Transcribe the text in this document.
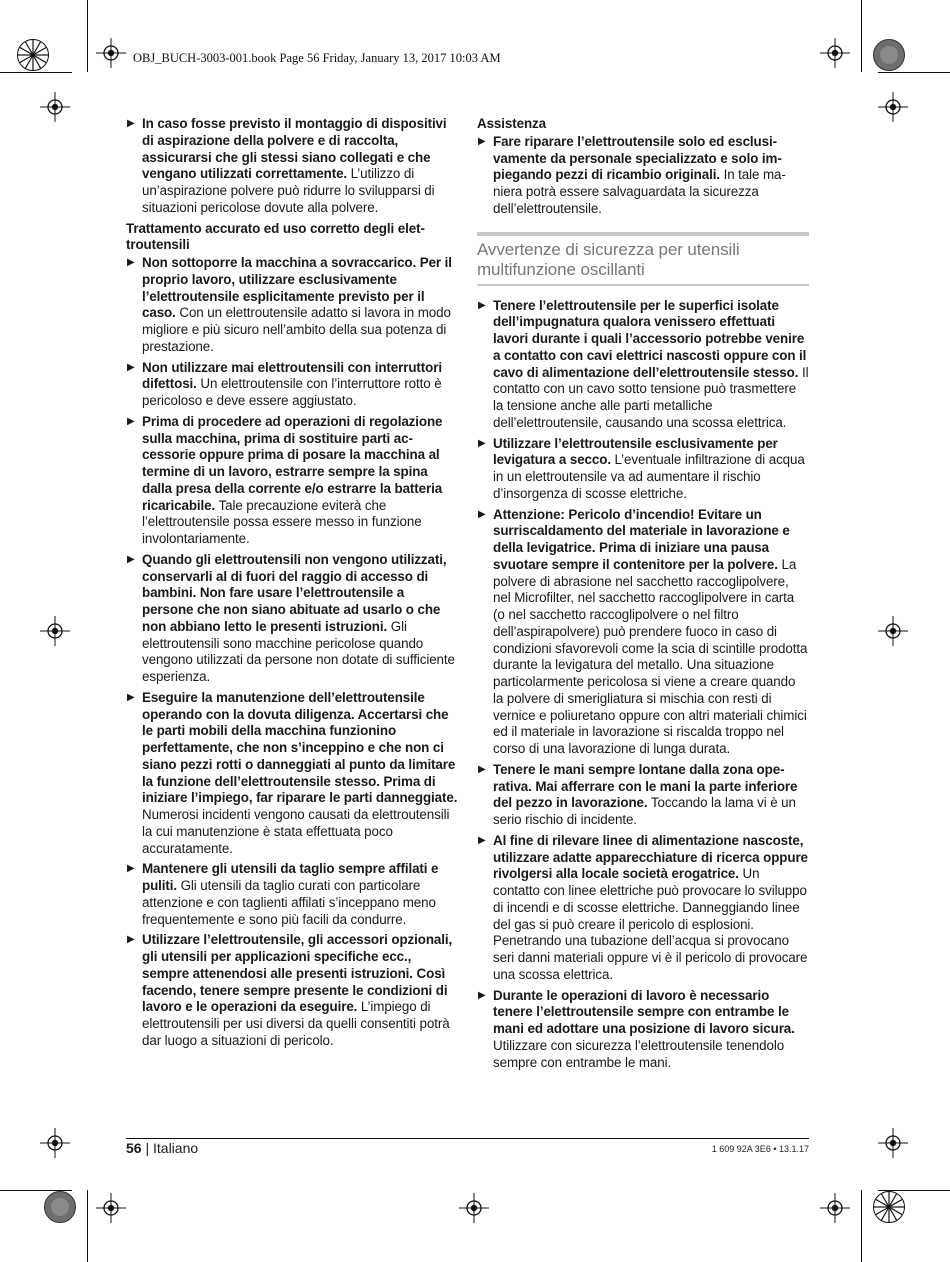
OBJ_BUCH-3003-001.book Page 56 Friday, January 13, 2017 10:03 AM
▶ In caso fosse previsto il montaggio di dispositivi di aspirazione della polvere e di raccolta, assicurarsi che gli stessi siano collegati e che vengano utilizzati correttamente. L’utilizzo di un’aspirazione polvere può ridurre lo svilupparsi di situazioni pericolose dovute alla polvere.
Trattamento accurato ed uso corretto degli elettroutensili
▶ Non sottoporre la macchina a sovraccarico. Per il proprio lavoro, utilizzare esclusivamente l’elettroutensile esplicitamente previsto per il caso. Con un elettroutensile adatto si lavora in modo migliore e più sicuro nell’ambito della sua potenza di prestazione.
▶ Non utilizzare mai elettroutensili con interruttori difettosi. Un elettroutensile con l’interruttore rotto è pericoloso e deve essere aggiustato.
▶ Prima di procedere ad operazioni di regolazione sulla macchina, prima di sostituire parti accessorie oppure prima di posare la macchina al termine di un lavoro, estrarre sempre la spina dalla presa della corrente e/o estrarre la batteria ricaricabile. Tale precauzione eviterà che l’elettroutensile possa essere messo in funzione involontariamente.
▶ Quando gli elettroutensili non vengono utilizzati, conservarli al di fuori del raggio di accesso di bambini. Non fare usare l’elettroutensile a persone che non siano abituate ad usarlo o che non abbiano letto le presenti istruzioni. Gli elettroutensili sono macchine pericolose quando vengono utilizzati da persone non dotate di sufficiente esperienza.
▶ Eseguire la manutenzione dell’elettroutensile operando con la dovuta diligenza. Accertarsi che le parti mobili della macchina funzionino perfettamente, che non s’inceppino e che non ci siano pezzi rotti o danneggiati al punto da limitare la funzione dell’elettroutensile stesso. Prima di iniziare l’impiego, far riparare le parti danneggiate. Numerosi incidenti vengono causati da elettroutensili la cui manutenzione è stata effettuata poco accuratamente.
▶ Mantenere gli utensili da taglio sempre affilati e puliti. Gli utensili da taglio curati con particolare attenzione e con taglienti affilati s’inceppano meno frequentemente e sono più facili da condurre.
▶ Utilizzare l’elettroutensile, gli accessori opzionali, gli utensili per applicazioni specifiche ecc., sempre attenendosi alle presenti istruzioni. Così facendo, tenere sempre presente le condizioni di lavoro e le operazioni da eseguire. L’impiego di elettroutensili per usi diversi da quelli consentiti potrà dar luogo a situazioni di pericolo.
Assistenza
▶ Fare riparare l’elettroutensile solo ed esclusivamente da personale specializzato e solo impiegando pezzi di ricambio originali. In tale maniera potrà essere salvaguardata la sicurezza dell’elettroutensile.
Avvertenze di sicurezza per utensili multifunzione oscillanti
▶ Tenere l’elettroutensile per le superfici isolate dell’impugnatura qualora venissero effettuati lavori durante i quali l’accessorio potrebbe venire a contatto con cavi elettrici nascosti oppure con il cavo di alimentazione dell’elettroutensile stesso. Il contatto con un cavo sotto tensione può trasmettere la tensione anche alle parti metalliche dell’elettroutensile, causando una scossa elettrica.
▶ Utilizzare l’elettroutensile esclusivamente per levigatura a secco. L’eventuale infiltrazione di acqua in un elettroutensile va ad aumentare il rischio d’insorgenza di scosse elettriche.
▶ Attenzione: Pericolo d’incendio! Evitare un surriscaldamento del materiale in lavorazione e della levigatrice. Prima di iniziare una pausa svuotare sempre il contenitore per la polvere. La polvere di abrasione nel sacchetto raccoglipolvere, nel Microfilter, nel sacchetto raccoglipolvere in carta (o nel sacchetto raccoglipolvere o nel filtro dell’aspirapolvere) può prendere fuoco in caso di condizioni sfavorevoli come la scia di scintille prodotta durante la levigatura del metallo. Una situazione particolarmente pericolosa si viene a creare quando la polvere di smerigliatura si mischia con resti di vernice e poliuretano oppure con altri materiali chimici ed il materiale in lavorazione si riscalda troppo nel corso di una lavorazione di lunga durata.
▶ Tenere le mani sempre lontane dalla zona operativa. Mai afferrare con le mani la parte inferiore del pezzo in lavorazione. Toccando la lama vi è un serio rischio di incidente.
▶ Al fine di rilevare linee di alimentazione nascoste, utilizzare adatte apparecchiature di ricerca oppure rivolgersi alla locale società erogatrice. Un contatto con linee elettriche può provocare lo sviluppo di incendi e di scosse elettriche. Danneggiando linee del gas si può creare il pericolo di esplosioni. Penetrando una tubazione dell’acqua si provocano seri danni materiali oppure vi è il pericolo di provocare una scossa elettrica.
▶ Durante le operazioni di lavoro è necessario tenere l’elettroutensile sempre con entrambe le mani ed adottare una posizione di lavoro sicura. Utilizzare con sicurezza l’elettroutensile tenendolo sempre con entrambe le mani.
56 | Italiano	1 609 92A 3E6 • 13.1.17
